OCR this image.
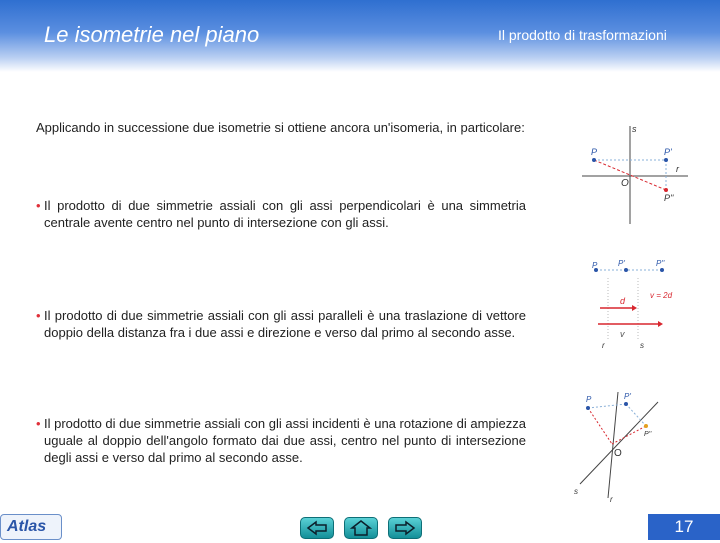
Le isometrie nel piano	Il prodotto di trasformazioni
Applicando in successione due isometrie si ottiene ancora un'isomeria, in particolare:
• Il prodotto di due simmetrie assiali con gli assi perpendicolari è una simmetria centrale avente centro nel punto di intersezione con gli assi.
• Il prodotto di due simmetrie assiali con gli assi paralleli è una traslazione di vettore doppio della distanza fra i due assi e direzione e verso dal primo al secondo asse.
• Il prodotto di due simmetrie assiali con gli assi incidenti è una rotazione di ampiezza uguale al doppio dell'angolo formato dai due assi, centro nel punto di intersezione degli assi e verso dal primo al secondo asse.
s
r
O
P	P'
P''
P	P'	P''
d
v = 2d
v
r	s
P	P'
P''
O
s
r
Atlas	17
